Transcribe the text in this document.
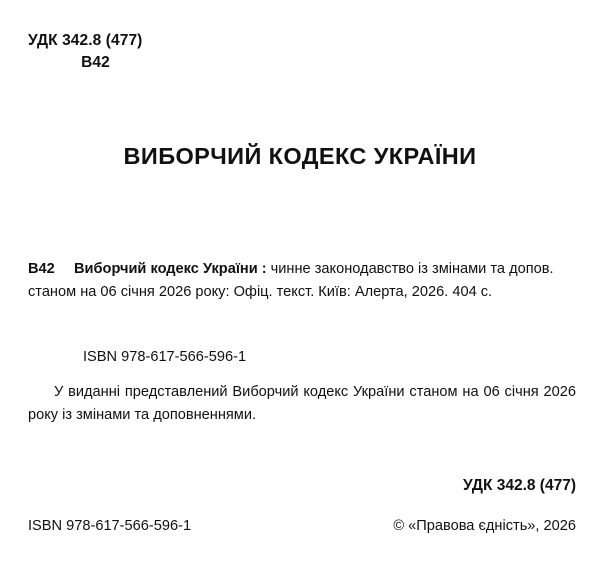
УДК 342.8 (477)
В42
ВИБОРЧИЙ КОДЕКС УКРАЇНИ
В42 Виборчий кодекс України : чинне законодавство із змінами та допов. станом на 06 січня 2026 року: Офіц. текст. Київ: Алерта, 2026. 404 с.
ISBN 978-617-566-596-1
У виданні представлений Виборчий кодекс України станом на 06 січня 2026 року із змінами та доповненнями.
УДК 342.8 (477)
ISBN 978-617-566-596-1	© «Правова єдність», 2026
